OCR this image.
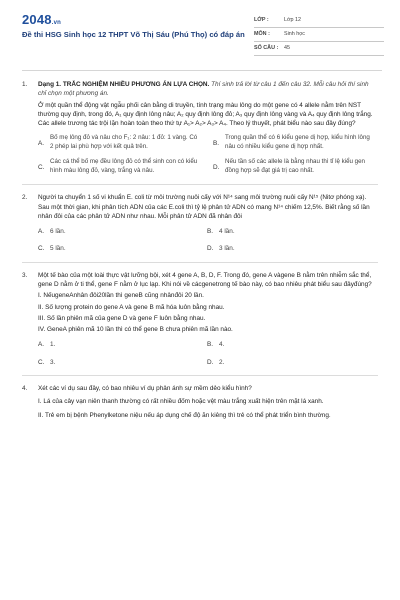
2048.vn
Đề thi HSG Sinh học 12 THPT Võ Thị Sáu (Phú Thọ) có đáp án
LỚP :	Lớp 12
MÔN :	Sinh học
SỐ CÂU :	45
1. Dạng 1. TRẮC NGHIỆM NHIỀU PHƯƠNG ÁN LỰA CHỌN. Thí sinh trả lời từ câu 1 đến câu 32. Mỗi câu hỏi thí sinh chỉ chọn một phương án.

Ở một quần thể động vật ngẫu phối cân bằng di truyền, tính trạng màu lông do một gene có 4 allele nằm trên NST thường quy định, trong đó, A₁ quy định lông nâu; A₂ quy định lông đỏ; A₃ quy định lông vàng và A₄ quy định lông trắng. Các allele trương tác trội lặn hoàn toàn theo thứ tự A₁> A₂> A₃> A₄. Theo lý thuyết, phát biểu nào sau đây đúng?

A.
Bố mẹ lông đỏ và nâu cho F₁: 2 nâu: 1 đỏ: 1 vàng. Có 2 phép lai phù hợp với kết quả trên.
B.
Trong quần thể có 6 kiểu gene dị hợp, kiểu hình lông nâu có nhiều kiểu gene dị hợp nhất.
C.
Các cá thể bố mẹ đều lông đỏ có thể sinh con có kiểu hình màu lông đỏ, vàng, trắng và nâu.
D.
Nếu tần số các allele là bằng nhau thì tỉ lệ kiểu gen đồng hợp sẽ đạt giá trị cao nhất.
2. Người ta chuyển 1 số vi khuẩn E. coli từ môi trường nuôi cấy với N¹⁴ sang môi trường nuôi cấy N¹⁵ (Nitơ phóng xạ). Sau một thời gian, khi phân tích ADN của các E.coli thì tỷ lệ phân tử ADN có mang N¹⁴ chiếm 12,5%. Biết rằng số lần nhân đôi của các phân tử ADN như nhau. Mỗi phân tử ADN đã nhân đôi

A. 6 lần.	B. 4 lần.
C. 5 lần.	D. 3 lần.
3. Một tế bào của một loài thực vật lưỡng bội, xét 4 gene A, B, D, F. Trong đó, gene A vàgene B nằm trên nhiễm sắc thể, gene D nằm ở ti thể, gene F nằm ở lục lạp. Khi nói về cácgenetrong tế bào này, có bao nhiêu phát biểu sau đâyđúng?

I. NếugeneAnhân đôi20lần thì geneB cũng nhânđôi 20 lần.

II. Số lượng protein do gene A và gene B mã hóa luôn bằng nhau.

III. Số lần phiên mã của gene D và gene F luôn bằng nhau.

IV. GeneA phiên mã 10 lần thì có thể gene B chưa phiên mã lần nào.

A. 1.	B. 4.
C. 3.	D. 2.
4. Xét các ví dụ sau đây, có bao nhiêu ví dụ phản ánh sự mềm dẻo kiểu hình?

I. Lá của cây vạn niên thanh thường có rất nhiều đốm hoặc vệt màu trắng xuất hiện trên mặt lá xanh.

II. Trẻ em bị bệnh Phenylketone niệu nếu áp dụng chế độ ăn kiêng thì trẻ có thể phát triển bình thường.
